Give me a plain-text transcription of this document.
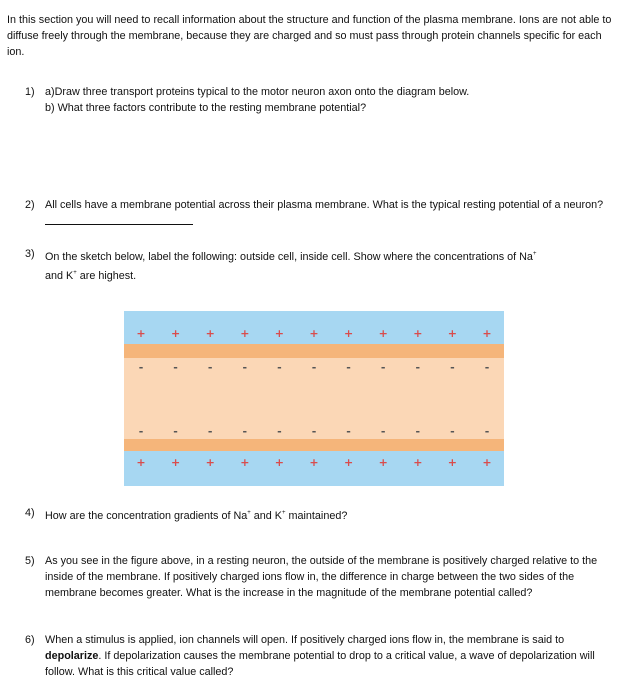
In this section you will need to recall information about the structure and function of the plasma membrane. Ions are not able to diffuse freely through the membrane, because they are charged and so must pass through protein channels specific for each ion.
1) a)Draw three transport proteins typical to the motor neuron axon onto the diagram below.
b) What three factors contribute to the resting membrane potential?
2) All cells have a membrane potential across their plasma membrane. What is the typical resting potential of a neuron?
3) On the sketch below, label the following: outside cell, inside cell. Show where the concentrations of Na+
and K+ are highest.
+ + + + + + + + + + +
-	-	-	-	-	-	-	-	-	-	-
-	-	-	-	-	-	-	-	-	-	-
+ + + + + + + + + + +
4) How are the concentration gradients of Na+ and K+ maintained?
5) As you see in the figure above, in a resting neuron, the outside of the membrane is positively charged relative to the inside of the membrane. If positively charged ions flow in, the difference in charge between the two sides of the membrane becomes greater. What is the increase in the magnitude of the membrane potential called?
6) When a stimulus is applied, ion channels will open. If positively charged ions flow in, the membrane is said to depolarize. If depolarization causes the membrane potential to drop to a critical value, a wave of depolarization will follow. What is this critical value called?
